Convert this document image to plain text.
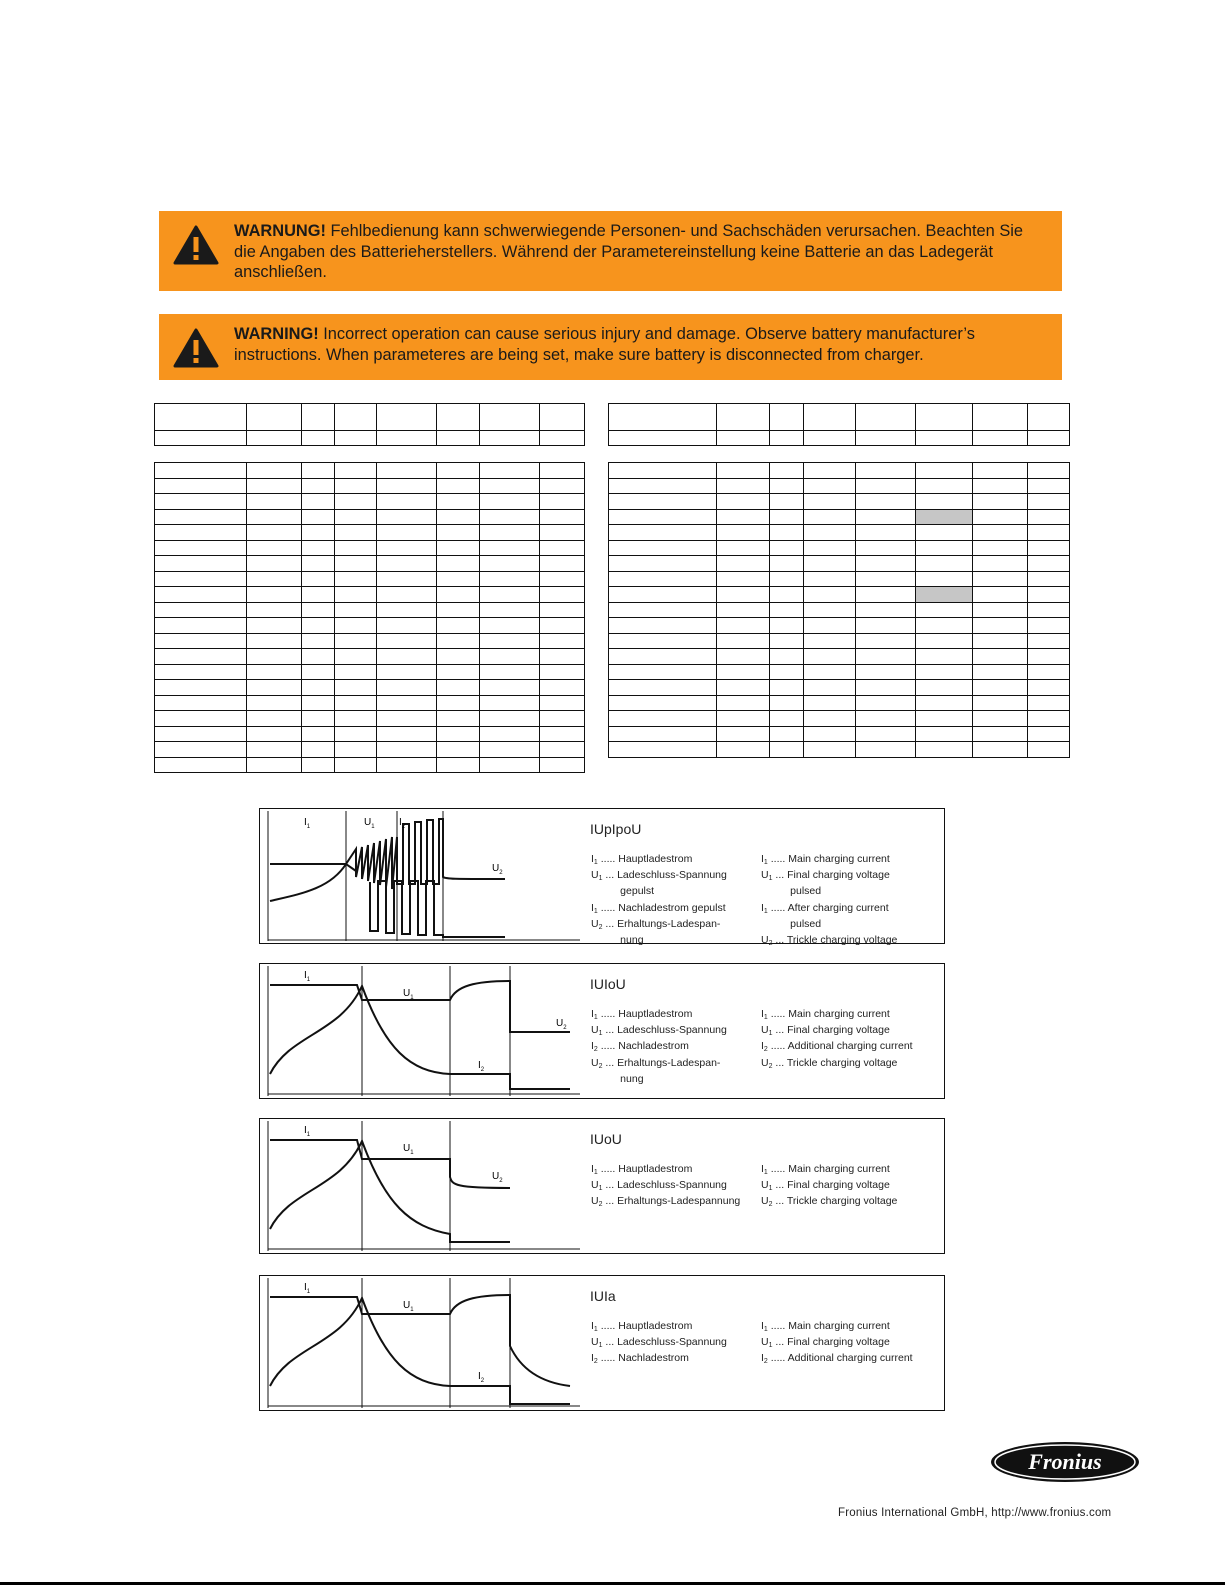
WARNUNG! Fehlbedienung kann schwerwiegende Personen- und Sachschäden verursachen. Beachten Sie die Angaben des Batterieherstellers. Während der Parametereinstellung keine Batterie an das Ladegerät anschließen.
WARNING! Incorrect operation can cause serious injury and damage. Observe battery manufacturer’s instructions. When parameteres are being set, make sure battery is disconnected from charger.

$I_1$	$U_1$ $I_2$
$U_2$
IUpIpoU
$I_1$ ..... Hauptladestrom
$U_1$ ... Ladeschluss-Spannung
gepulst
$I_1$ ..... Nachladestrom gepulst
$U_2$ ... Erhaltungs-Ladespan-
nung
$I_1$ ..... Main charging current
$U_1$ ... Final charging voltage
pulsed
$I_1$ ..... After charging current
pulsed
$U_2$ ... Trickle charging voltage
$I_1$
$U_1$
$I_2$
$U_2$
IUIoU
$I_1$ ..... Hauptladestrom
$U_1$ ... Ladeschluss-Spannung
$I_2$ ..... Nachladestrom
$U_2$ ... Erhaltungs-Ladespan-
nung
$I_1$ ..... Main charging current
$U_1$ ... Final charging voltage
$I_2$ ..... Additional charging current
$U_2$ ... Trickle charging voltage
$I_1$
$U_1$
$U_2$
IUoU
$I_1$ ..... Hauptladestrom
$U_1$ ... Ladeschluss-Spannung
$U_2$ ... Erhaltungs-Ladespannung
$I_1$ ..... Main charging current
$U_1$ ... Final charging voltage
$U_2$ ... Trickle charging voltage
$I_1$
$U_1$
$I_2$
IUIa
$I_1$ ..... Hauptladestrom
$U_1$ ... Ladeschluss-Spannung
$I_2$ ..... Nachladestrom
$I_1$ ..... Main charging current
$U_1$ ... Final charging voltage
$I_2$ ..... Additional charging current
Fronius
Fronius International GmbH, http://www.fronius.com
